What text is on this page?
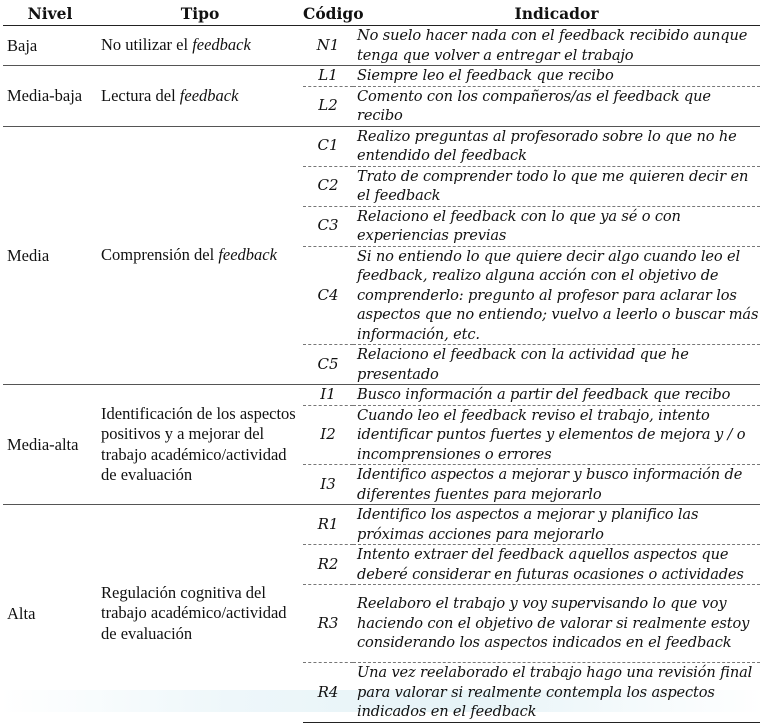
Nivel	Tipo	Código	Indicador
Baja	No utilizar el feedback	N1	No suelo hacer nada con el feedback recibido aunque tenga que volver a entregar el trabajo
Media-baja	Lectura del feedback	L1	Siempre leo el feedback que recibo
		L2	Comento con los compañeros/as el feedback que recibo
Media	Comprensión del feedback	C1	Realizo preguntas al profesorado sobre lo que no he entendido del feedback
		C2	Trato de comprender todo lo que me quieren decir en el feedback
		C3	Relaciono el feedback con lo que ya sé o con experiencias previas
		C4	Si no entiendo lo que quiere decir algo cuando leo el feedback, realizo alguna acción con el objetivo de comprenderlo: pregunto al profesor para aclarar los aspectos que no entiendo; vuelvo a leerlo o buscar más información, etc.
		C5	Relaciono el feedback con la actividad que he presentado
Media-alta	Identificación de los aspectos positivos y a mejorar del trabajo académico/actividad de evaluación	I1	Busco información a partir del feedback que recibo
		I2	Cuando leo el feedback reviso el trabajo, intento identificar puntos fuertes y elementos de mejora y / o incomprensiones o errores
		I3	Identifico aspectos a mejorar y busco información de diferentes fuentes para mejorarlo
Alta	Regulación cognitiva del trabajo académico/actividad de evaluación	R1	Identifico los aspectos a mejorar y planifico las próximas acciones para mejorarlo
		R2	Intento extraer del feedback aquellos aspectos que deberé considerar en futuras ocasiones o actividades
		R3	Reelaboro el trabajo y voy supervisando lo que voy haciendo con el objetivo de valorar si realmente estoy considerando los aspectos indicados en el feedback
		R4	Una vez reelaborado el trabajo hago una revisión final para valorar si realmente contempla los aspectos indicados en el feedback
